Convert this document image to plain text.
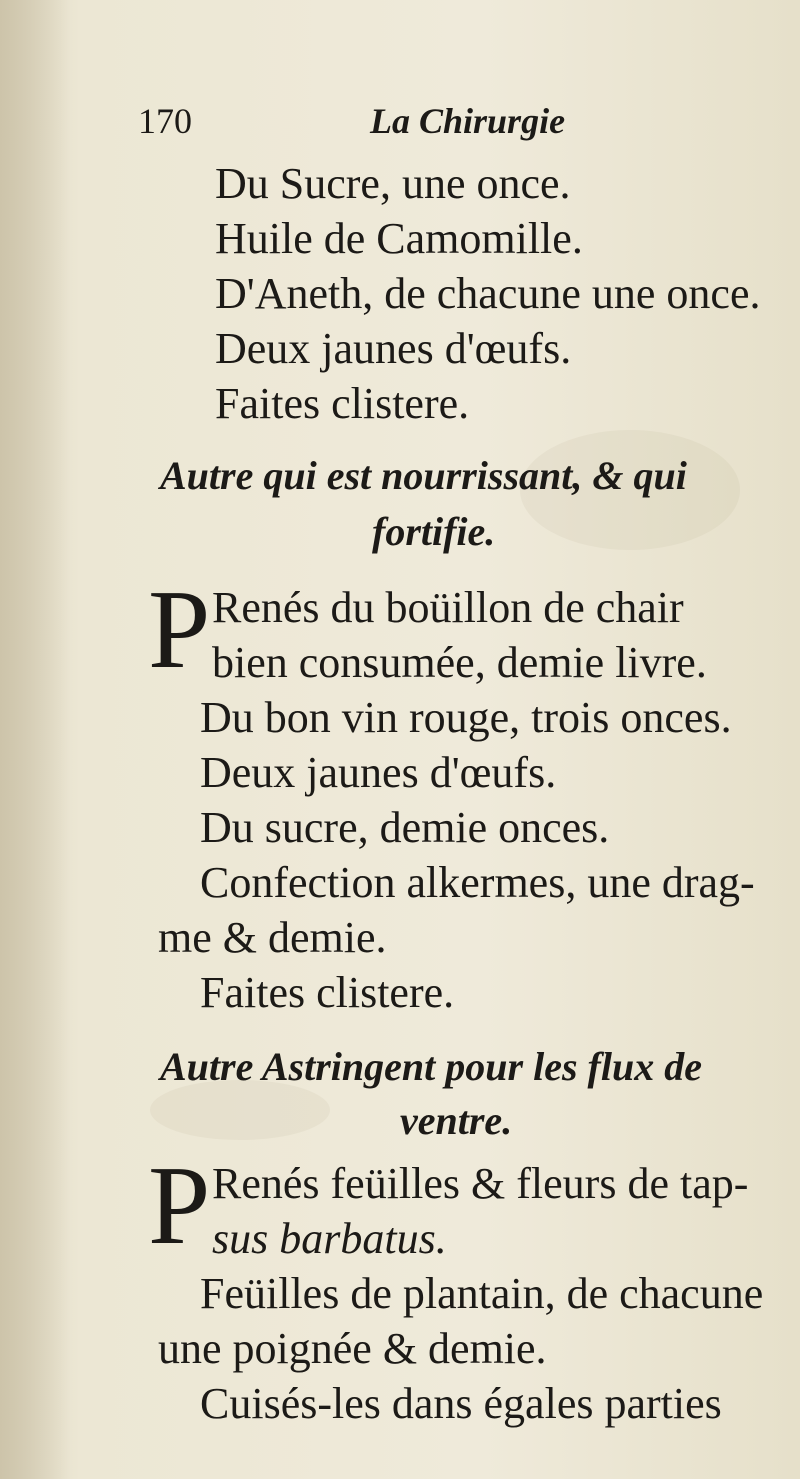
170	La Chirurgie
Du Sucre, une once.
Huile de Camomille.
D'Aneth, de chacune une once.
Deux jaunes d'œufs.
Faites clistere.
Autre qui est nourrissant, & qui
fortifie.
P Renés du boüillon de chair
bien consumée, demie livre.
Du bon vin rouge, trois onces.
Deux jaunes d'œufs.
Du sucre, demie onces.
Confection alkermes, une drag-
me & demie.
Faites clistere.
Autre Astringent pour les flux de
ventre.
P Renés feüilles & fleurs de tap-
sus barbatus.
Feüilles de plantain, de chacune
une poignée & demie.
Cuisés-les dans égales parties
